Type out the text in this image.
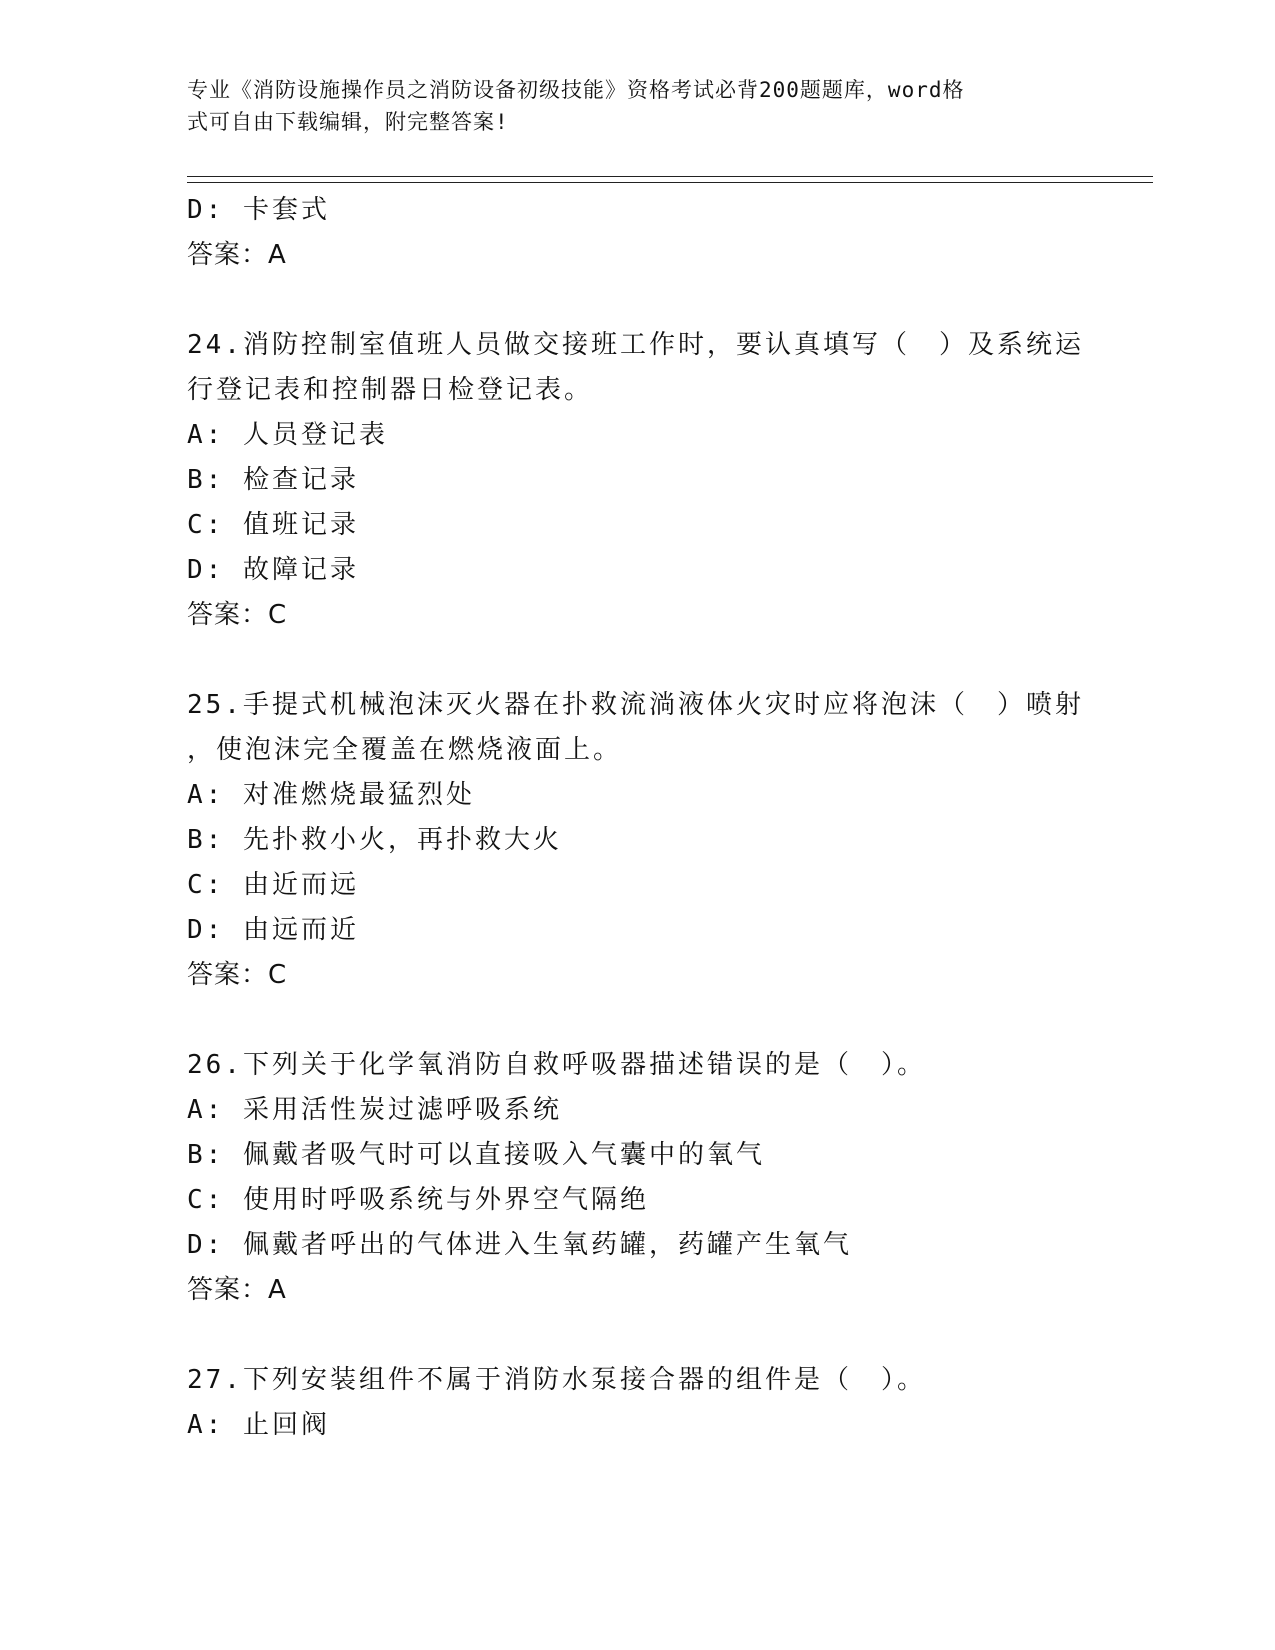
专业《消防设施操作员之消防设备初级技能》资格考试必背200题题库，word格
式可自由下载编辑，附完整答案!
D: 卡套式
答案：A
24.消防控制室值班人员做交接班工作时，要认真填写（　）及系统运
行登记表和控制器日检登记表。
A: 人员登记表
B: 检查记录
C: 值班记录
D: 故障记录
答案：C
25.手提式机械泡沫灭火器在扑救流淌液体火灾时应将泡沫（　）喷射
，使泡沫完全覆盖在燃烧液面上。
A: 对准燃烧最猛烈处
B: 先扑救小火，再扑救大火
C: 由近而远
D: 由远而近
答案：C
26.下列关于化学氧消防自救呼吸器描述错误的是（　）。
A: 采用活性炭过滤呼吸系统
B: 佩戴者吸气时可以直接吸入气囊中的氧气
C: 使用时呼吸系统与外界空气隔绝
D: 佩戴者呼出的气体进入生氧药罐，药罐产生氧气
答案：A
27.下列安装组件不属于消防水泵接合器的组件是（　）。
A: 止回阀
